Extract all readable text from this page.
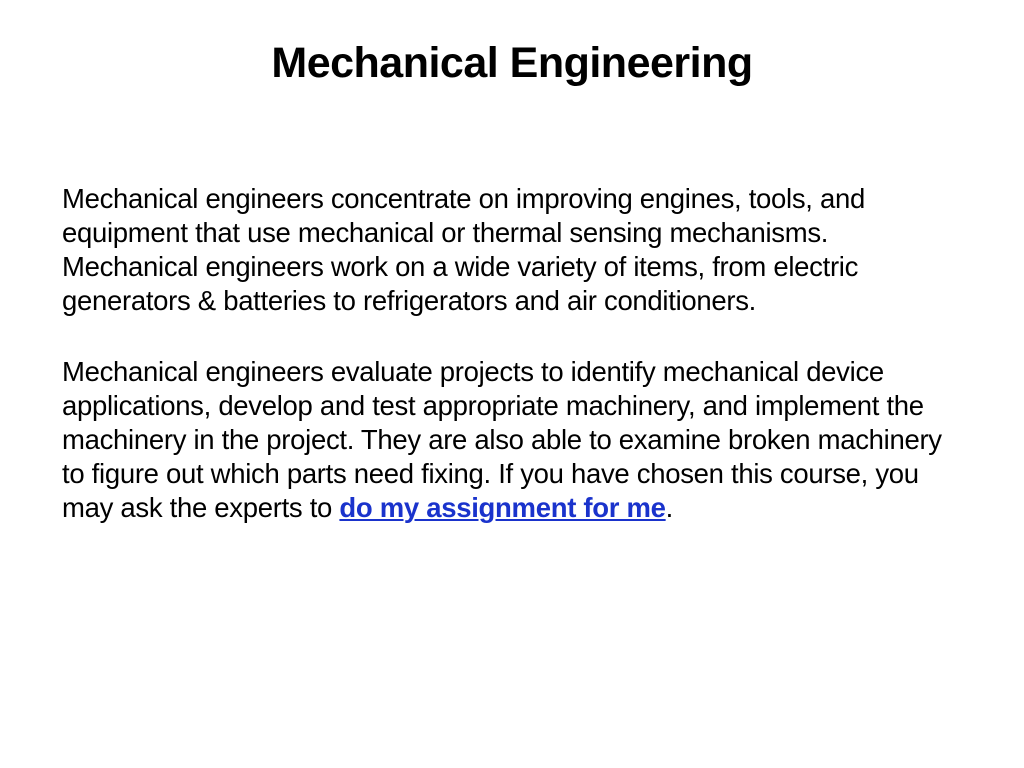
Mechanical Engineering

Mechanical engineers concentrate on improving engines, tools, and equipment that use mechanical or thermal sensing mechanisms. Mechanical engineers work on a wide variety of items, from electric generators & batteries to refrigerators and air conditioners.

Mechanical engineers evaluate projects to identify mechanical device applications, develop and test appropriate machinery, and implement the machinery in the project. They are also able to examine broken machinery to figure out which parts need fixing. If you have chosen this course, you may ask the experts to do my assignment for me.
